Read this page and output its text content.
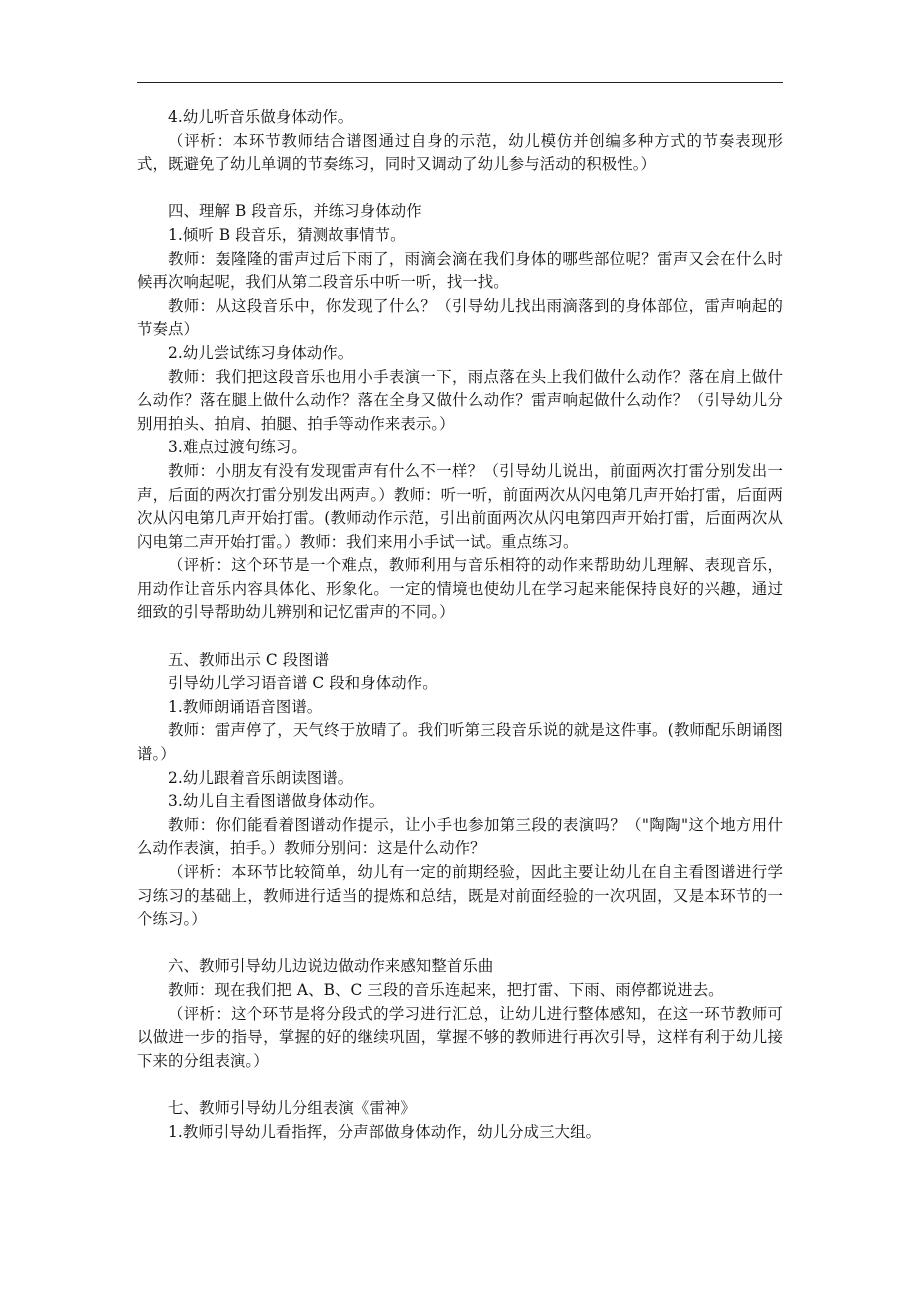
4.幼儿听音乐做身体动作。

（评析：本环节教师结合谱图通过自身的示范，幼儿模仿并创编多种方式的节奏表现形式，既避免了幼儿单调的节奏练习，同时又调动了幼儿参与活动的积极性。）

四、理解 B 段音乐，并练习身体动作

1.倾听 B 段音乐，猜测故事情节。

教师：轰隆隆的雷声过后下雨了，雨滴会滴在我们身体的哪些部位呢？雷声又会在什么时候再次响起呢，我们从第二段音乐中听一听，找一找。

教师：从这段音乐中，你发现了什么？（引导幼儿找出雨滴落到的身体部位，雷声响起的节奏点）

2.幼儿尝试练习身体动作。

教师：我们把这段音乐也用小手表演一下，雨点落在头上我们做什么动作？落在肩上做什么动作？落在腿上做什么动作？落在全身又做什么动作？雷声响起做什么动作？（引导幼儿分别用拍头、拍肩、拍腿、拍手等动作来表示。）

3.难点过渡句练习。

教师：小朋友有没有发现雷声有什么不一样？（引导幼儿说出，前面两次打雷分别发出一声，后面的两次打雷分别发出两声。）教师：听一听，前面两次从闪电第几声开始打雷，后面两次从闪电第几声开始打雷。(教师动作示范，引出前面两次从闪电第四声开始打雷，后面两次从闪电第二声开始打雷。）教师：我们来用小手试一试。重点练习。

（评析：这个环节是一个难点，教师利用与音乐相符的动作来帮助幼儿理解、表现音乐，用动作让音乐内容具体化、形象化。一定的情境也使幼儿在学习起来能保持良好的兴趣，通过细致的引导帮助幼儿辨别和记忆雷声的不同。）

五、教师出示 C 段图谱

引导幼儿学习语音谱 C 段和身体动作。

1.教师朗诵语音图谱。

教师：雷声停了，天气终于放晴了。我们听第三段音乐说的就是这件事。(教师配乐朗诵图谱。）

2.幼儿跟着音乐朗读图谱。

3.幼儿自主看图谱做身体动作。

教师：你们能看着图谱动作提示，让小手也参加第三段的表演吗？（"陶陶"这个地方用什么动作表演，拍手。）教师分别问：这是什么动作？

（评析：本环节比较简单，幼儿有一定的前期经验，因此主要让幼儿在自主看图谱进行学习练习的基础上，教师进行适当的提炼和总结，既是对前面经验的一次巩固，又是本环节的一个练习。）

六、教师引导幼儿边说边做动作来感知整首乐曲

教师：现在我们把 A、B、C 三段的音乐连起来，把打雷、下雨、雨停都说进去。

（评析：这个环节是将分段式的学习进行汇总，让幼儿进行整体感知，在这一环节教师可以做进一步的指导，掌握的好的继续巩固，掌握不够的教师进行再次引导，这样有利于幼儿接下来的分组表演。）

七、教师引导幼儿分组表演《雷神》

1.教师引导幼儿看指挥，分声部做身体动作，幼儿分成三大组。
